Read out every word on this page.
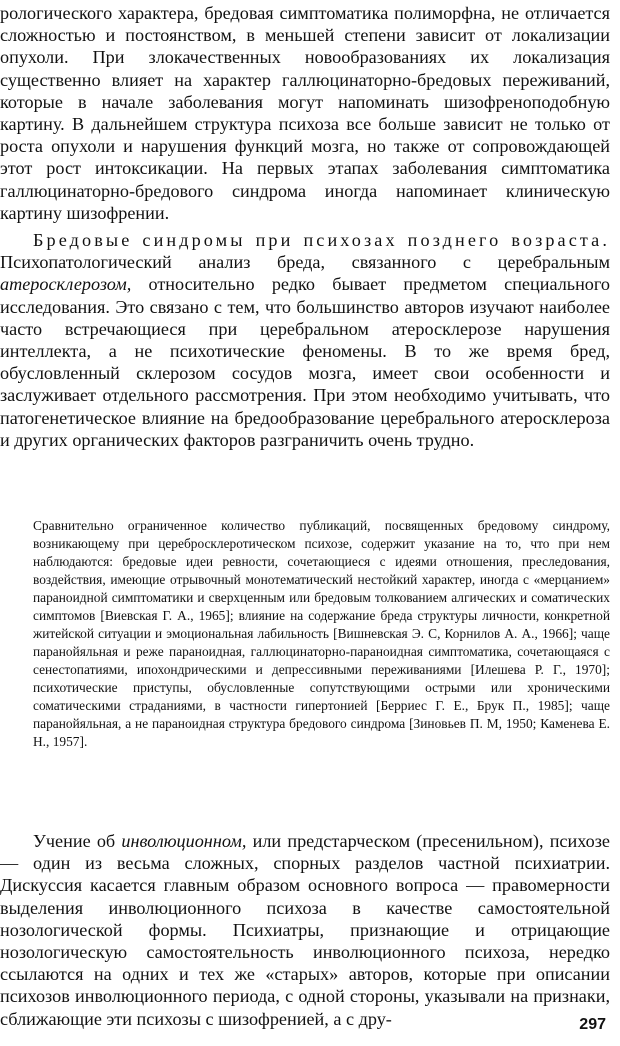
рологического характера, бредовая симптоматика полиморфна, не отличается сложностью и постоянством, в меньшей степени зависит от локализации опухоли. При злокачественных новообразованиях их локализация существенно влияет на характер галлюцинаторно-бредовых переживаний, которые в начале заболевания могут напоминать шизофреноподобную картину. В дальнейшем структура психоза все больше зависит не только от роста опухоли и нарушения функций мозга, но также от сопровождающей этот рост интоксикации. На первых этапах заболевания симптоматика галлюцинаторно-бредового синдрома иногда напоминает клиническую картину шизофрении.

Бредовые синдромы при психозах позднего возраста. Психопатологический анализ бреда, связанного с церебральным атеросклерозом, относительно редко бывает предметом специального исследования. Это связано с тем, что большинство авторов изучают наиболее часто встречающиеся при церебральном атеросклерозе нарушения интеллекта, а не психотические феномены. В то же время бред, обусловленный склерозом сосудов мозга, имеет свои особенности и заслуживает отдельного рассмотрения. При этом необходимо учитывать, что патогенетическое влияние на бредообразование церебрального атеросклероза и других органических факторов разграничить очень трудно.

Сравнительно ограниченное количество публикаций, посвященных бредовому синдрому, возникающему при церебросклеротическом психозе, содержит указание на то, что при нем наблюдаются: бредовые идеи ревности, сочетающиеся с идеями отношения, преследования, воздействия, имеющие отрывочный монотематический нестойкий характер, иногда с «мерцанием» параноидной симптоматики и сверхценным или бредовым толкованием алгических и соматических симптомов [Виевская Г. А., 1965]; влияние на содержание бреда структуры личности, конкретной житейской ситуации и эмоциональная лабильность [Вишневская Э. С, Корнилов А. А., 1966]; чаще паранойяльная и реже параноидная, галлюцинаторно-параноидная симптоматика, сочетающаяся с сенестопатиями, ипохондрическими и депрессивными переживаниями [Илешева Р. Г., 1970]; психотические приступы, обусловленные сопутствующими острыми или хроническими соматическими страданиями, в частности гипертонией [Берриес Г. Е., Брук П., 1985]; чаще паранойяльная, а не параноидная структура бредового синдрома [Зиновьев П. М, 1950; Каменева Е. Н., 1957].

Учение об инволюционном, или предстарческом (пресенильном), психозе — один из весьма сложных, спорных разделов частной психиатрии. Дискуссия касается главным образом основного вопроса — правомерности выделения инволюционного психоза в качестве самостоятельной нозологической формы. Психиатры, признающие и отрицающие нозологическую самостоятельность инволюционного психоза, нередко ссылаются на одних и тех же «старых» авторов, которые при описании психозов инволюционного периода, с одной стороны, указывали на признаки, сближающие эти психозы с шизофренией, а с дру-	297
